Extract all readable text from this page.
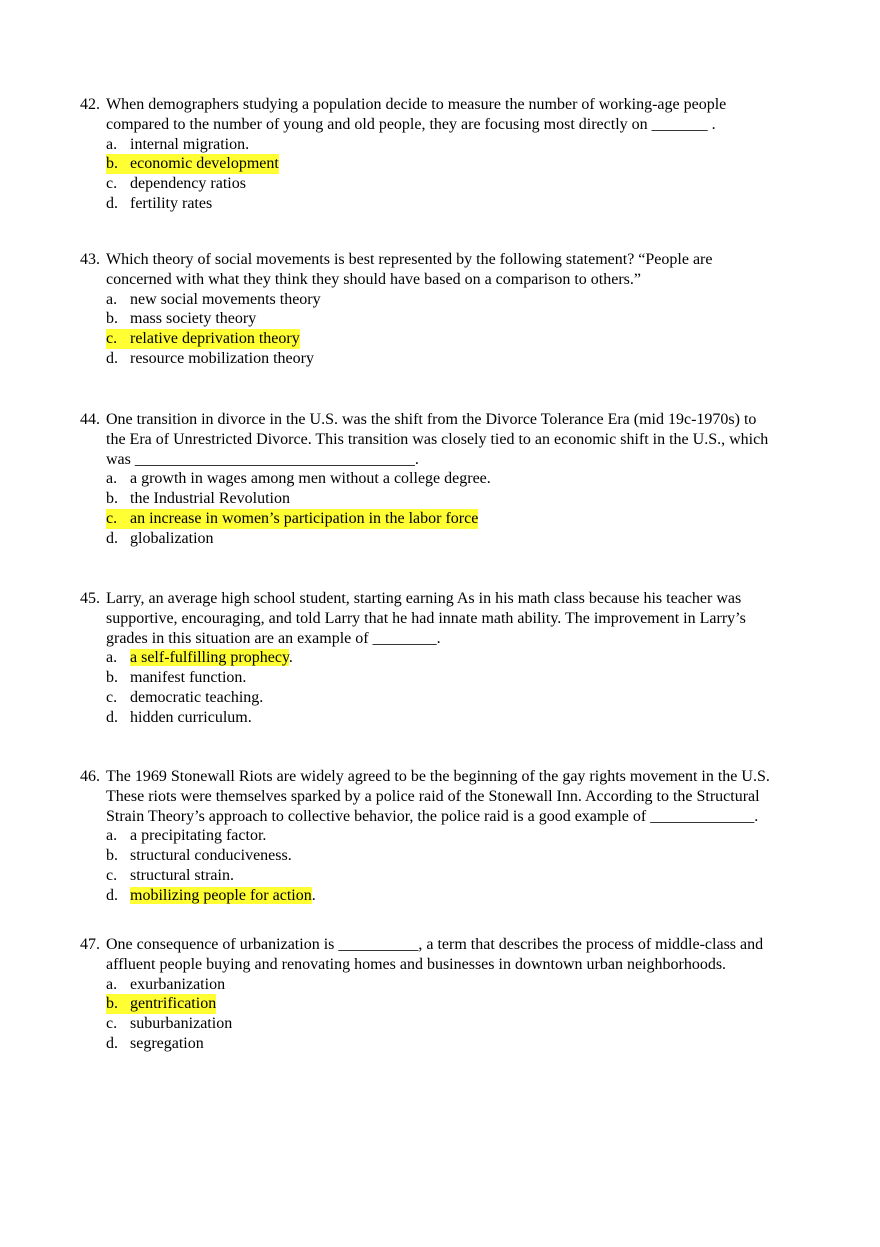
42. When demographers studying a population decide to measure the number of working-age people
compared to the number of young and old people, they are focusing most directly on _______ .
a. internal migration.
b. economic development
c. dependency ratios
d. fertility rates
43. Which theory of social movements is best represented by the following statement? “People are
concerned with what they think they should have based on a comparison to others.”
a. new social movements theory
b. mass society theory
c. relative deprivation theory
d. resource mobilization theory
44. One transition in divorce in the U.S. was the shift from the Divorce Tolerance Era (mid 19c-1970s) to
the Era of Unrestricted Divorce. This transition was closely tied to an economic shift in the U.S., which
was ___________________________________.
a. a growth in wages among men without a college degree.
b. the Industrial Revolution
c. an increase in women’s participation in the labor force
d. globalization
45. Larry, an average high school student, starting earning As in his math class because his teacher was
supportive, encouraging, and told Larry that he had innate math ability. The improvement in Larry’s
grades in this situation are an example of ________.
a. a self-fulfilling prophecy.
b. manifest function.
c. democratic teaching.
d. hidden curriculum.
46. The 1969 Stonewall Riots are widely agreed to be the beginning of the gay rights movement in the U.S.
These riots were themselves sparked by a police raid of the Stonewall Inn. According to the Structural
Strain Theory’s approach to collective behavior, the police raid is a good example of _____________.
a. a precipitating factor.
b. structural conduciveness.
c. structural strain.
d. mobilizing people for action.
47. One consequence of urbanization is __________, a term that describes the process of middle-class and
affluent people buying and renovating homes and businesses in downtown urban neighborhoods.
a. exurbanization
b. gentrification
c. suburbanization
d. segregation
